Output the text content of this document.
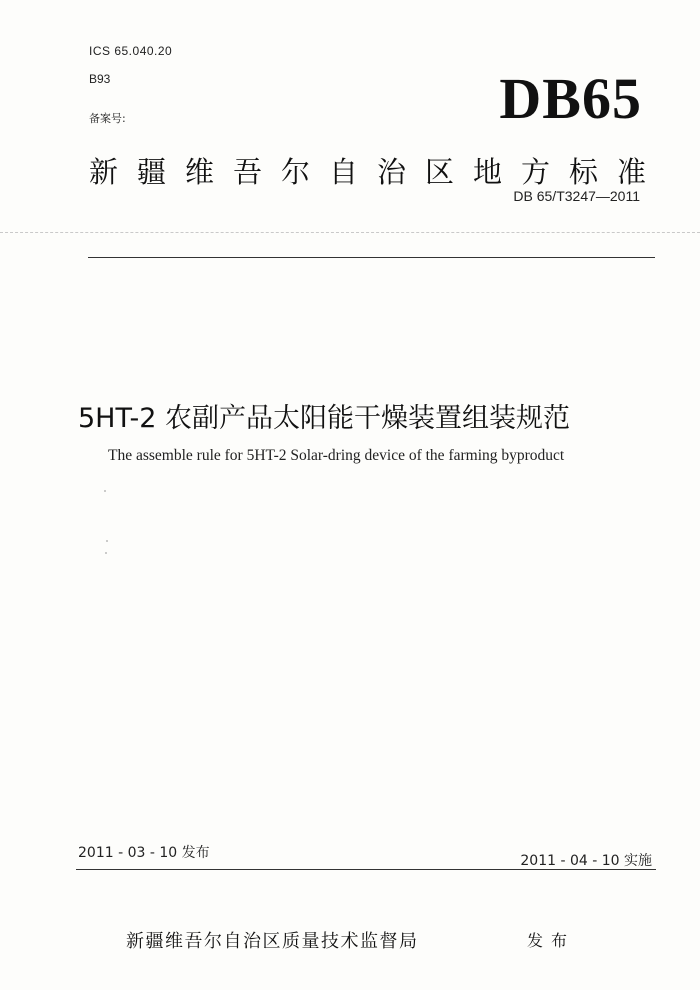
ICS 65.040.20
B93
备案号:	DB65
新疆维吾尔自治区地方标准
DB 65/T3247—2011
5HT-2 农副产品太阳能干燥装置组装规范
The assemble rule for 5HT-2 Solar-dring device of the farming byproduct
2011 - 03 - 10 发布	2011 - 04 - 10 实施
新疆维吾尔自治区质量技术监督局	发布
